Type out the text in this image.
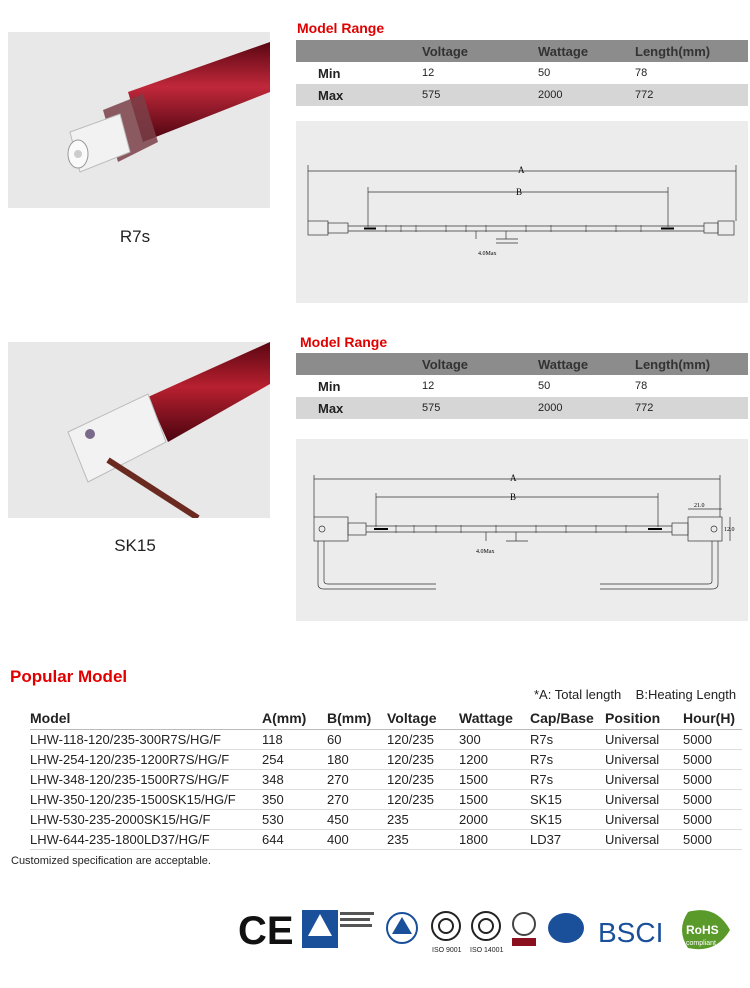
R7s
Model Range
	Voltage	Wattage	Length(mm)
Min	12	50	78
Max	575	2000	772
A
B
4.0Max
SK15
Model Range
	Voltage	Wattage	Length(mm)
Min	12	50	78
Max	575	2000	772
A
B
4.0Max
21.0
12.0
Popular Model
*A: Total length    B:Heating Length
Model	A(mm)	B(mm)	Voltage	Wattage	Cap/Base	Position	Hour(H)
LHW-118-120/235-300R7S/HG/F	118	60	120/235	300	R7s	Universal	5000
LHW-254-120/235-1200R7S/HG/F	254	180	120/235	1200	R7s	Universal	5000
LHW-348-120/235-1500R7S/HG/F	348	270	120/235	1500	R7s	Universal	5000
LHW-350-120/235-1500SK15/HG/F	350	270	120/235	1500	SK15	Universal	5000
LHW-530-235-2000SK15/HG/F	530	450	235	2000	SK15	Universal	5000
LHW-644-235-1800LD37/HG/F	644	400	235	1800	LD37	Universal	5000
Customized specification are acceptable.
CE	ISO 9001 ISO 14001
BSCI RoHS
compliant
